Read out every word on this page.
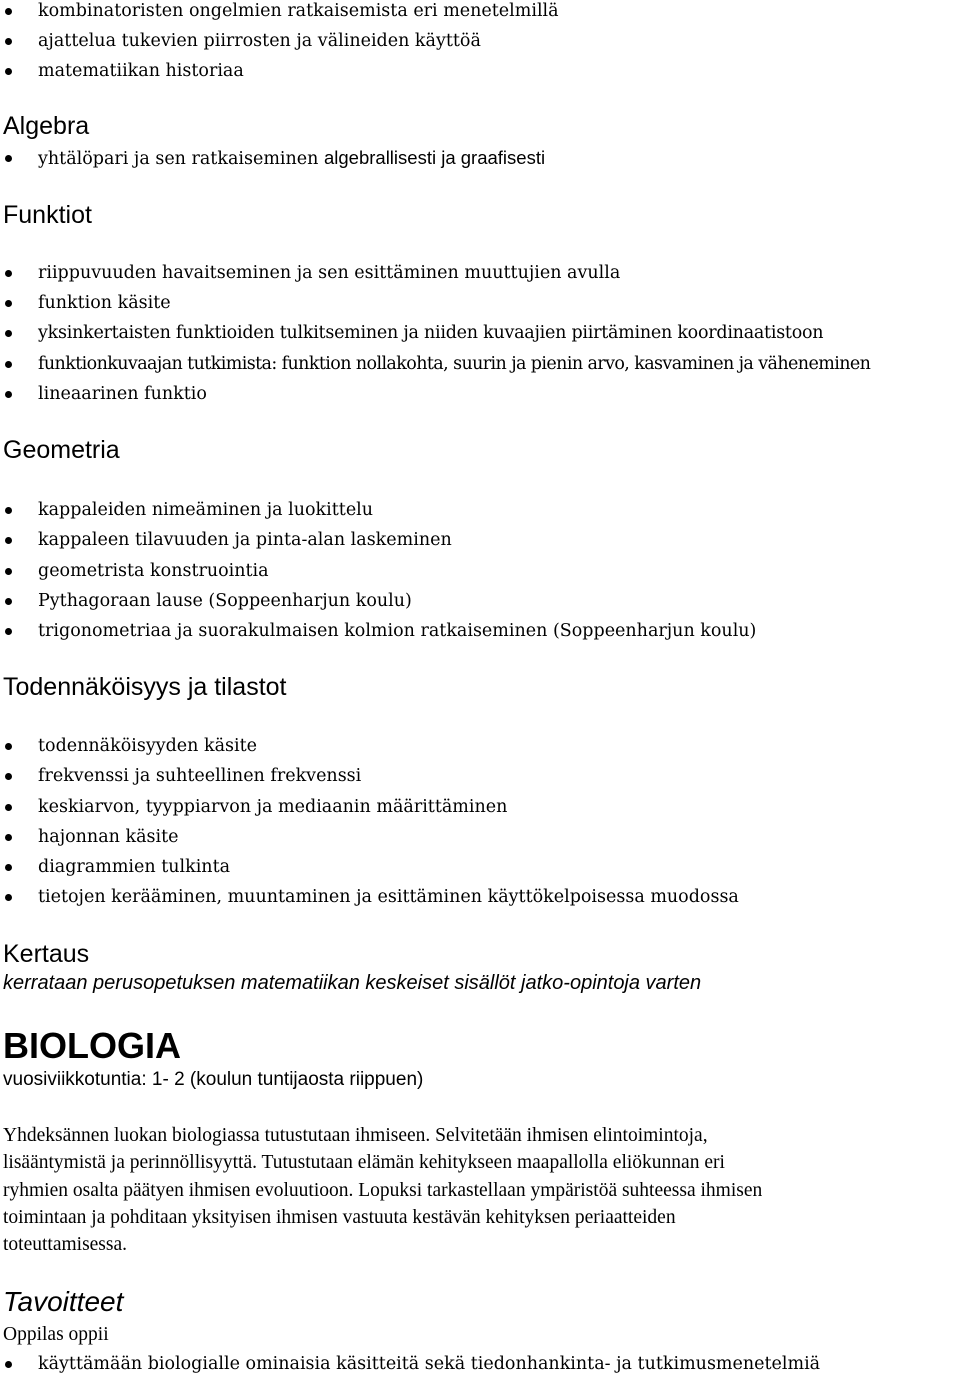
kombinatoristen ongelmien ratkaisemista eri menetelmillä
ajattelua tukevien piirrosten ja välineiden käyttöä
matematiikan historiaa
Algebra
yhtälöpari ja sen ratkaiseminen algebrallisesti ja graafisesti
Funktiot
riippuvuuden havaitseminen ja sen esittäminen muuttujien avulla
funktion käsite
yksinkertaisten funktioiden tulkitseminen ja niiden kuvaajien piirtäminen koordinaatistoon
funktionkuvaajan tutkimista: funktion nollakohta, suurin ja pienin arvo, kasvaminen ja väheneminen
lineaarinen funktio
Geometria
kappaleiden nimeäminen ja luokittelu
kappaleen tilavuuden ja pinta-alan laskeminen
geometrista konstruointia
Pythagoraan lause (Soppeenharjun koulu)
trigonometriaa ja suorakulmaisen kolmion ratkaiseminen (Soppeenharjun koulu)
Todennäköisyys ja tilastot
todennäköisyyden käsite
frekvenssi ja suhteellinen frekvenssi
keskiarvon, tyyppiarvon ja mediaanin määrittäminen
hajonnan käsite
diagrammien tulkinta
tietojen kerääminen, muuntaminen ja esittäminen käyttökelpoisessa muodossa
Kertaus
kerrataan perusopetuksen matematiikan keskeiset sisällöt jatko-opintoja varten
BIOLOGIA
vuosiviikkotuntia: 1- 2 (koulun tuntijaosta riippuen)
Yhdeksännen luokan biologiassa tutustutaan ihmiseen. Selvitetään ihmisen elintoimintoja,
lisääntymistä ja perinnöllisyyttä. Tutustutaan elämän kehitykseen maapallolla eliökunnan eri
ryhmien osalta päätyen ihmisen evoluutioon. Lopuksi tarkastellaan ympäristöä suhteessa ihmisen
toimintaan ja pohditaan yksityisen ihmisen vastuuta kestävän kehityksen periaatteiden
toteuttamisessa.
Tavoitteet
Oppilas oppii
käyttämään biologialle ominaisia käsitteitä sekä tiedonhankinta- ja tutkimusmenetelmiä
